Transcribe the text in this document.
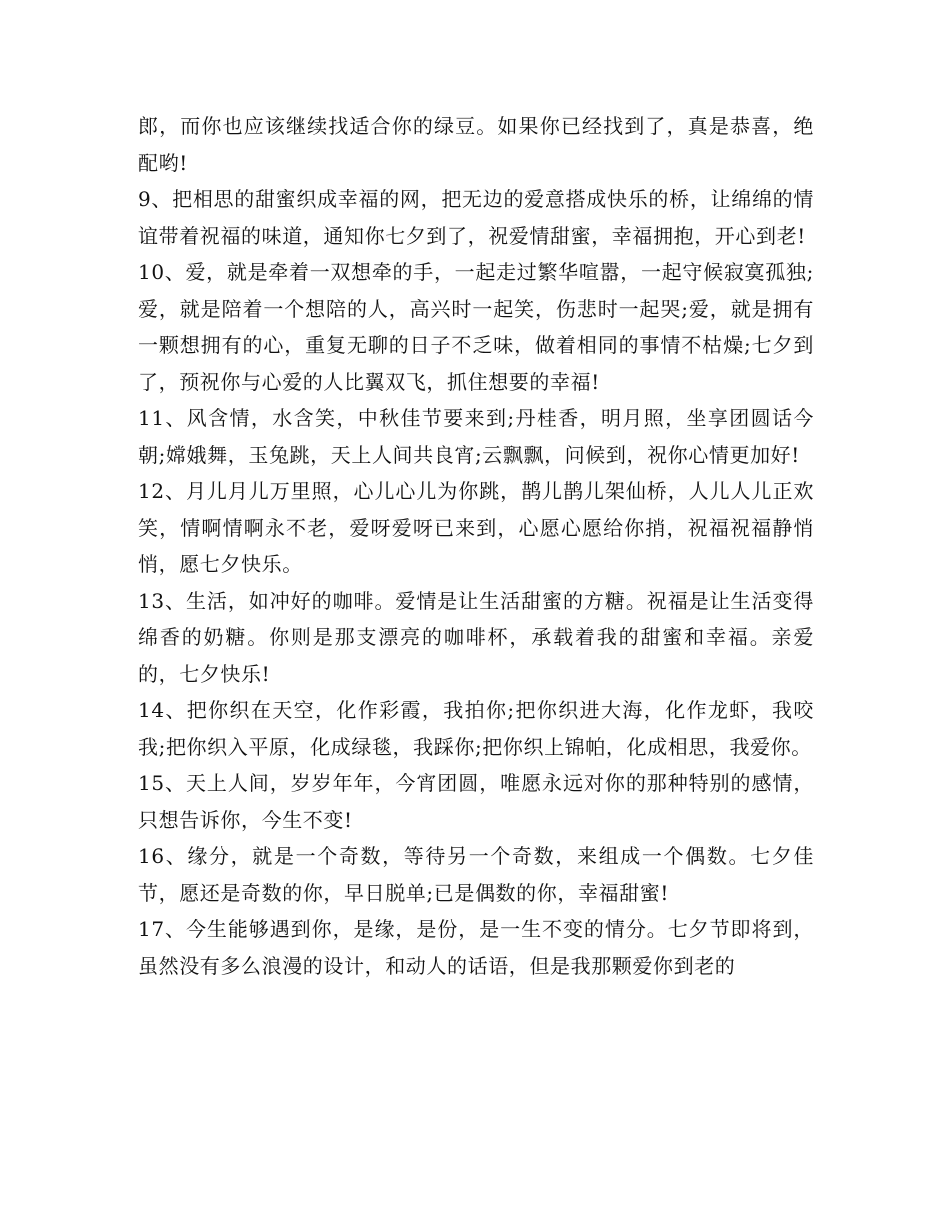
郎，而你也应该继续找适合你的绿豆。如果你已经找到了，真是恭喜，绝配哟!

9、把相思的甜蜜织成幸福的网，把无边的爱意搭成快乐的桥，让绵绵的情谊带着祝福的味道，通知你七夕到了，祝爱情甜蜜，幸福拥抱，开心到老!

10、爱，就是牵着一双想牵的手，一起走过繁华喧嚣，一起守候寂寞孤独;爱，就是陪着一个想陪的人，高兴时一起笑，伤悲时一起哭;爱，就是拥有一颗想拥有的心，重复无聊的日子不乏味，做着相同的事情不枯燥;七夕到了，预祝你与心爱的人比翼双飞，抓住想要的幸福!

11、风含情，水含笑，中秋佳节要来到;丹桂香，明月照，坐享团圆话今朝;嫦娥舞，玉兔跳，天上人间共良宵;云飘飘，问候到，祝你心情更加好!

12、月儿月儿万里照，心儿心儿为你跳，鹊儿鹊儿架仙桥，人儿人儿正欢笑，情啊情啊永不老，爱呀爱呀已来到，心愿心愿给你捎，祝福祝福静悄悄，愿七夕快乐。

13、生活，如冲好的咖啡。爱情是让生活甜蜜的方糖。祝福是让生活变得绵香的奶糖。你则是那支漂亮的咖啡杯，承载着我的甜蜜和幸福。亲爱的，七夕快乐!

14、把你织在天空，化作彩霞，我拍你;把你织进大海，化作龙虾，我咬我;把你织入平原，化成绿毯，我踩你;把你织上锦帕，化成相思，我爱你。

15、天上人间，岁岁年年，今宵团圆，唯愿永远对你的那种特别的感情，只想告诉你，今生不变!

16、缘分，就是一个奇数，等待另一个奇数，来组成一个偶数。七夕佳节，愿还是奇数的你，早日脱单;已是偶数的你，幸福甜蜜!

17、今生能够遇到你，是缘，是份，是一生不变的情分。七夕节即将到，虽然没有多么浪漫的设计，和动人的话语，但是我那颗爱你到老的
